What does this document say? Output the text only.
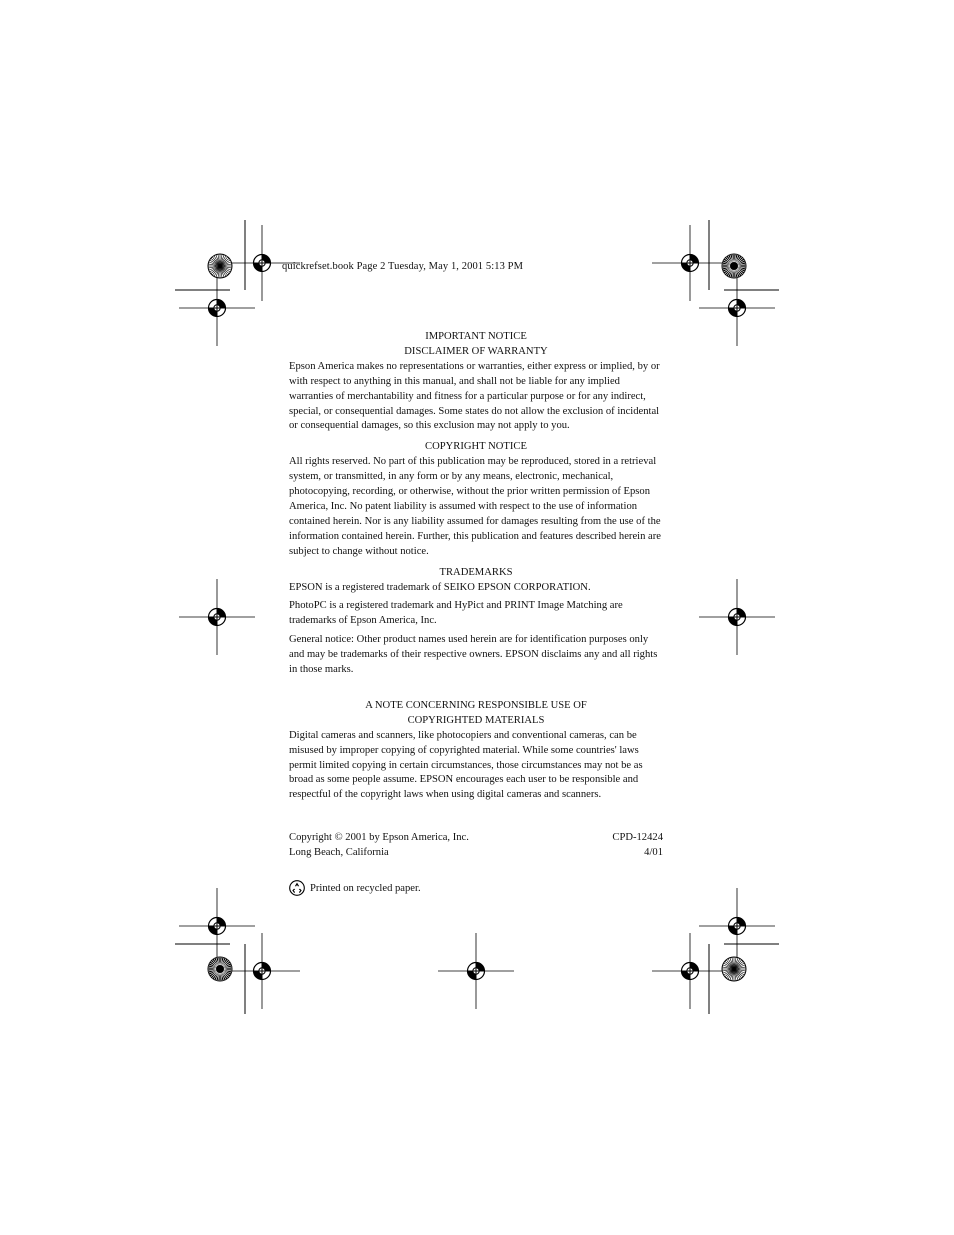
quickrefset.book Page 2 Tuesday, May 1, 2001 5:13 PM
IMPORTANT NOTICE
DISCLAIMER OF WARRANTY

Epson America makes no representations or warranties, either express or implied, by or with respect to anything in this manual, and shall not be liable for any implied warranties of merchantability and fitness for a particular purpose or for any indirect, special, or consequential damages. Some states do not allow the exclusion of incidental or consequential damages, so this exclusion may not apply to you.

COPYRIGHT NOTICE

All rights reserved. No part of this publication may be reproduced, stored in a retrieval system, or transmitted, in any form or by any means, electronic, mechanical, photocopying, recording, or otherwise, without the prior written permission of Epson America, Inc. No patent liability is assumed with respect to the use of information contained herein. Nor is any liability assumed for damages resulting from the use of the information contained herein. Further, this publication and features described herein are subject to change without notice.

TRADEMARKS

EPSON is a registered trademark of SEIKO EPSON CORPORATION.

PhotoPC is a registered trademark and HyPict and PRINT Image Matching are trademarks of Epson America, Inc.

General notice: Other product names used herein are for identification purposes only and may be trademarks of their respective owners. EPSON disclaims any and all rights in those marks.

A NOTE CONCERNING RESPONSIBLE USE OF
COPYRIGHTED MATERIALS

Digital cameras and scanners, like photocopiers and conventional cameras, can be misused by improper copying of copyrighted material. While some countries' laws permit limited copying in certain circumstances, those circumstances may not be as broad as some people assume. EPSON encourages each user to be responsible and respectful of the copyright laws when using digital cameras and scanners.

Copyright © 2001 by Epson America, Inc.	CPD-12424
Long Beach, California	4/01
Printed on recycled paper.
